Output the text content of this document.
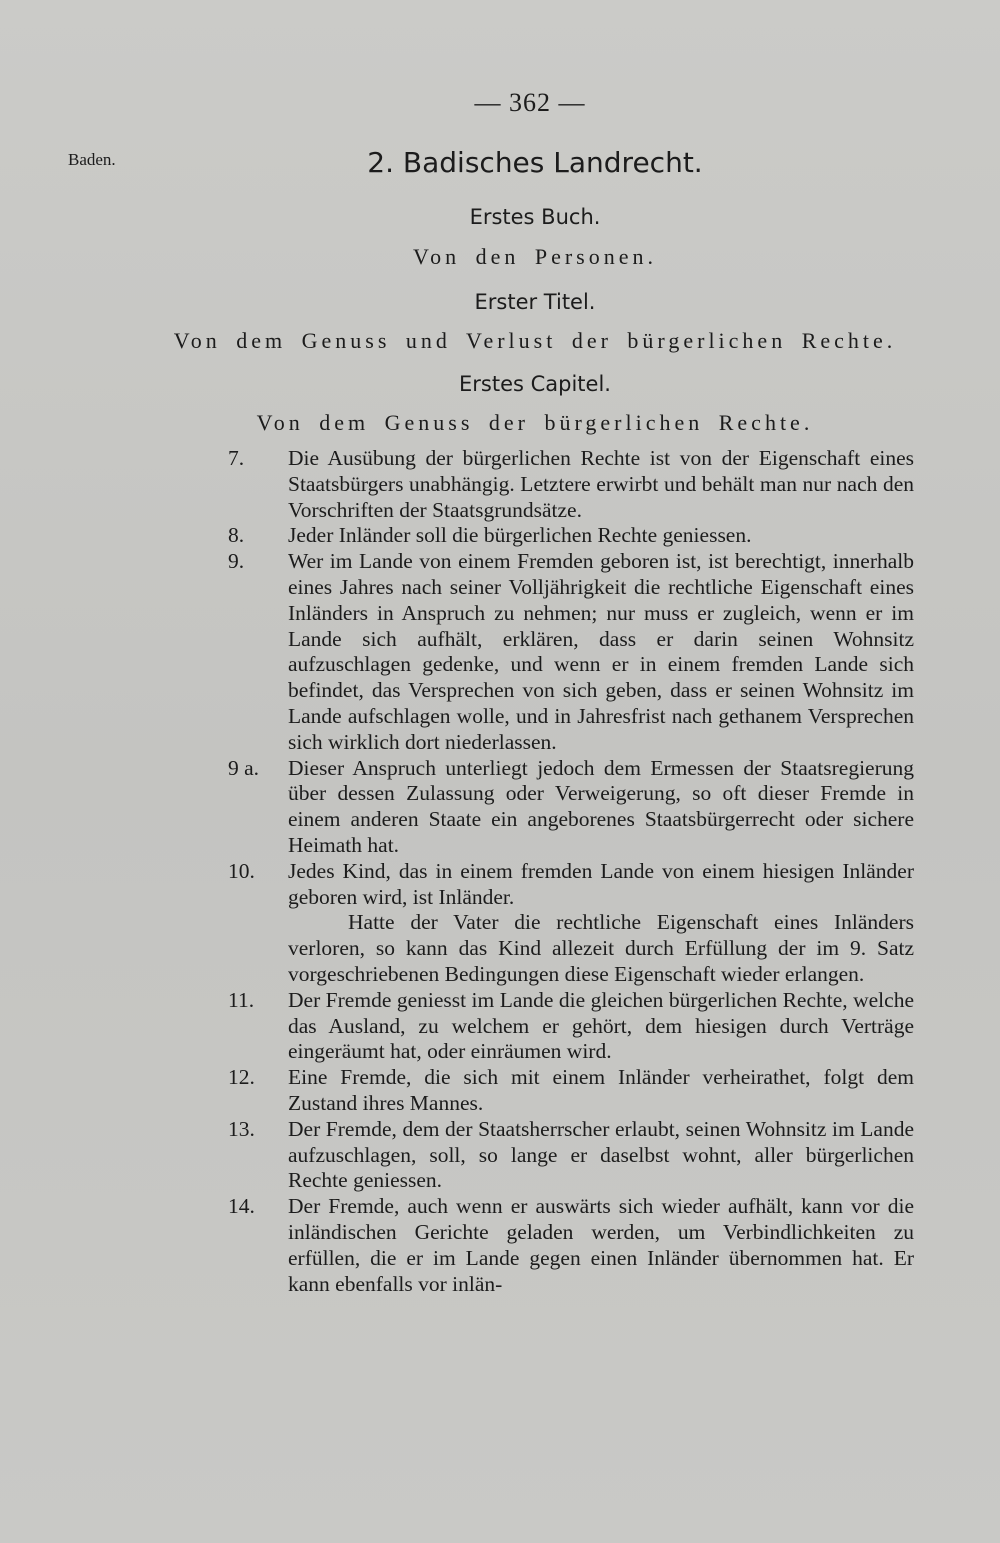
— 362 —
Baden.	2. Badisches Landrecht.
Erstes Buch.
Von den Personen.
Erster Titel.
Von dem Genuss und Verlust der bürgerlichen Rechte.
Erstes Capitel.
Von dem Genuss der bürgerlichen Rechte.
7.	Die Ausübung der bürgerlichen Rechte ist von der Eigenschaft eines Staatsbürgers unabhängig. Letztere erwirbt und behält man nur nach den Vorschriften der Staatsgrundsätze.
8.	Jeder Inländer soll die bürgerlichen Rechte geniessen.
9.	Wer im Lande von einem Fremden geboren ist, ist berechtigt, innerhalb eines Jahres nach seiner Volljährigkeit die rechtliche Eigenschaft eines Inländers in Anspruch zu nehmen; nur muss er zugleich, wenn er im Lande sich aufhält, erklären, dass er darin seinen Wohnsitz aufzuschlagen gedenke, und wenn er in einem fremden Lande sich befindet, das Versprechen von sich geben, dass er seinen Wohnsitz im Lande aufschlagen wolle, und in Jahresfrist nach gethanem Versprechen sich wirklich dort niederlassen.
9 a.	Dieser Anspruch unterliegt jedoch dem Ermessen der Staatsregierung über dessen Zulassung oder Verweigerung, so oft dieser Fremde in einem anderen Staate ein angeborenes Staatsbürgerrecht oder sichere Heimath hat.
10.	Jedes Kind, das in einem fremden Lande von einem hiesigen Inländer geboren wird, ist Inländer.
Hatte der Vater die rechtliche Eigenschaft eines Inländers verloren, so kann das Kind allezeit durch Erfüllung der im 9. Satz vorgeschriebenen Bedingungen diese Eigenschaft wieder erlangen.
11.	Der Fremde geniesst im Lande die gleichen bürgerlichen Rechte, welche das Ausland, zu welchem er gehört, dem hiesigen durch Verträge eingeräumt hat, oder einräumen wird.
12.	Eine Fremde, die sich mit einem Inländer verheirathet, folgt dem Zustand ihres Mannes.
13.	Der Fremde, dem der Staatsherrscher erlaubt, seinen Wohnsitz im Lande aufzuschlagen, soll, so lange er daselbst wohnt, aller bürgerlichen Rechte geniessen.
14.	Der Fremde, auch wenn er auswärts sich wieder aufhält, kann vor die inländischen Gerichte geladen werden, um Verbindlichkeiten zu erfüllen, die er im Lande gegen einen Inländer übernommen hat. Er kann ebenfalls vor inlän-
